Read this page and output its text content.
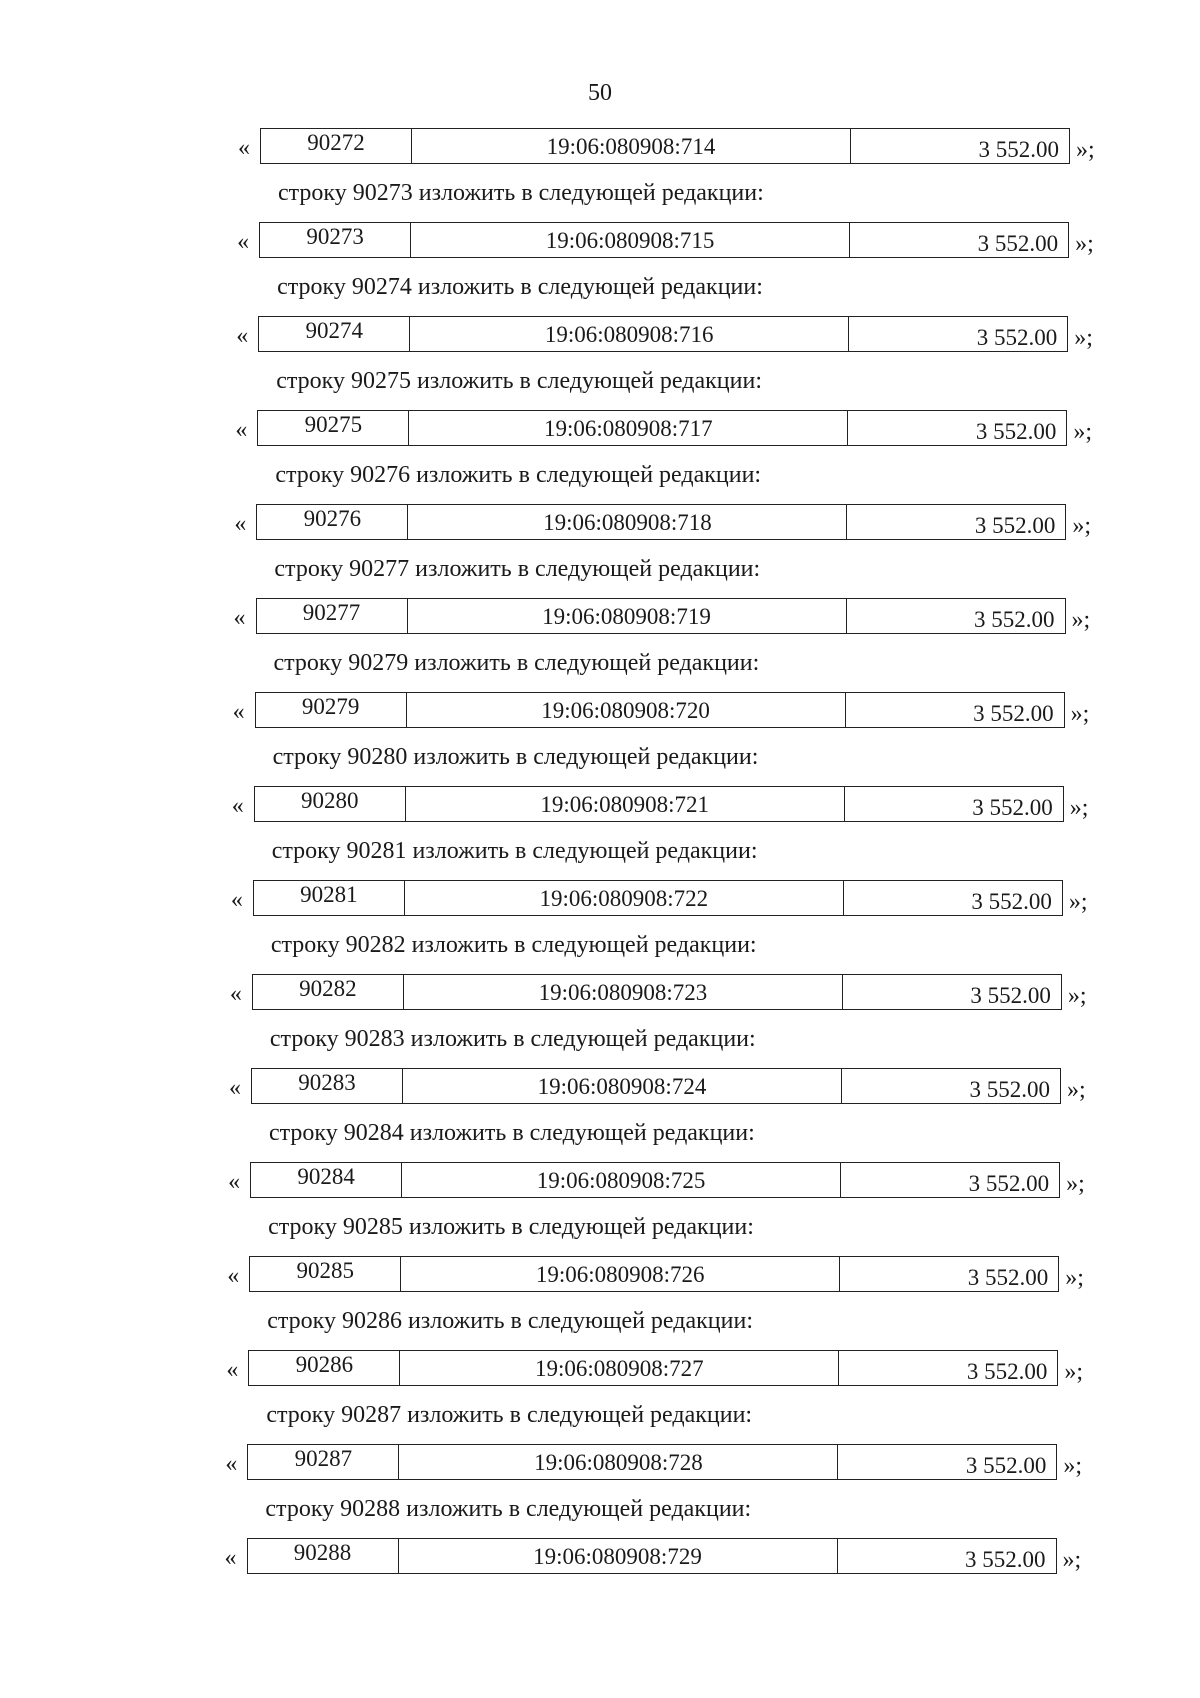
50
«	90272	19:06:080908:714	3 552.00 »;
строку 90273 изложить в следующей редакции:
«	90273	19:06:080908:715	3 552.00 »;
строку 90274 изложить в следующей редакции:
«	90274	19:06:080908:716	3 552.00 »;
строку 90275 изложить в следующей редакции:
«	90275	19:06:080908:717	3 552.00 »;
строку 90276 изложить в следующей редакции:
«	90276	19:06:080908:718	3 552.00 »;
строку 90277 изложить в следующей редакции:
«	90277	19:06:080908:719	3 552.00 »;
строку 90279 изложить в следующей редакции:
«	90279	19:06:080908:720	3 552.00 »;
строку 90280 изложить в следующей редакции:
«	90280	19:06:080908:721	3 552.00 »;
строку 90281 изложить в следующей редакции:
«	90281	19:06:080908:722	3 552.00 »;
строку 90282 изложить в следующей редакции:
«	90282	19:06:080908:723	3 552.00 »;
строку 90283 изложить в следующей редакции:
«	90283	19:06:080908:724	3 552.00 »;
строку 90284 изложить в следующей редакции:
«	90284	19:06:080908:725	3 552.00 »;
строку 90285 изложить в следующей редакции:
«	90285	19:06:080908:726	3 552.00 »;
строку 90286 изложить в следующей редакции:
«	90286	19:06:080908:727	3 552.00 »;
строку 90287 изложить в следующей редакции:
«	90287	19:06:080908:728	3 552.00 »;
строку 90288 изложить в следующей редакции:
«	90288	19:06:080908:729	3 552.00 »;
